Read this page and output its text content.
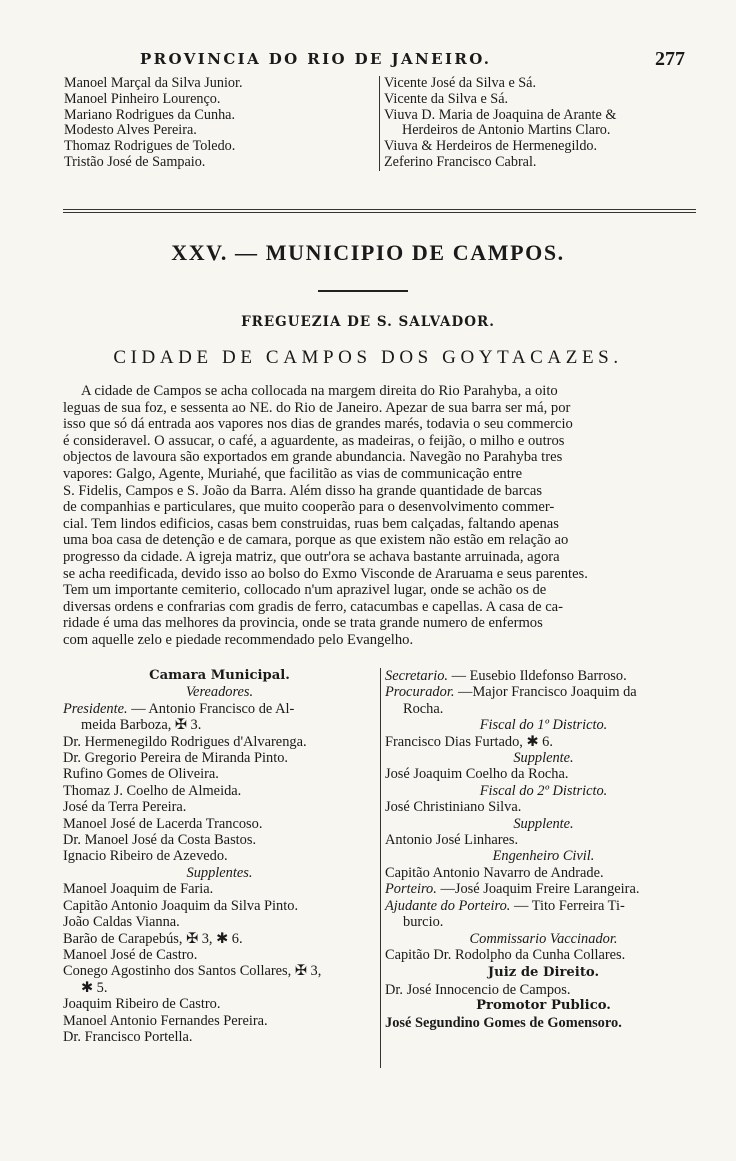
PROVINCIA DO RIO DE JANEIRO.	277
Manoel Marçal da Silva Junior.
Manoel Pinheiro Lourenço.
Mariano Rodrigues da Cunha.
Modesto Alves Pereira.
Thomaz Rodrigues de Toledo.
Tristão José de Sampaio.
Vicente José da Silva e Sá.
Vicente da Silva e Sá.
Viuva D. Maria de Joaquina de Arante &
Herdeiros de Antonio Martins Claro.
Viuva & Herdeiros de Hermenegildo.
Zeferino Francisco Cabral.
XXV. — MUNICIPIO DE CAMPOS.
FREGUEZIA DE S. SALVADOR.
CIDADE DE CAMPOS DOS GOYTACAZES.
A cidade de Campos se acha collocada na margem direita do Rio Parahyba, a oito
leguas de sua foz, e sessenta ao NE. do Rio de Janeiro. Apezar de sua barra ser má, por
isso que só dá entrada aos vapores nos dias de grandes marés, todavia o seu commercio
é consideravel. O assucar, o café, a aguardente, as madeiras, o feijão, o milho e outros
objectos de lavoura são exportados em grande abundancia. Navegão no Parahyba tres
vapores: Galgo, Agente, Muriahé, que facilitão as vias de communicação entre
S. Fidelis, Campos e S. João da Barra. Além disso ha grande quantidade de barcas
de companhias e particulares, que muito cooperão para o desenvolvimento commer-
cial. Tem lindos edificios, casas bem construidas, ruas bem calçadas, faltando apenas
uma boa casa de detenção e de camara, porque as que existem não estão em relação ao
progresso da cidade. A igreja matriz, que outr'ora se achava bastante arruinada, agora
se acha reedificada, devido isso ao bolso do Exmo Visconde de Araruama e seus parentes.
Tem um importante cemiterio, collocado n'um aprazivel lugar, onde se achão os de
diversas ordens e confrarias com gradis de ferro, catacumbas e capellas. A casa de ca-
ridade é uma das melhores da provincia, onde se trata grande numero de enfermos
com aquelle zelo e piedade recommendado pelo Evangelho.
Camara Municipal.
Vereadores.
Presidente. — Antonio Francisco de Al-
meida Barboza, ✠ 3.
Dr. Hermenegildo Rodrigues d'Alvarenga.
Dr. Gregorio Pereira de Miranda Pinto.
Rufino Gomes de Oliveira.
Thomaz J. Coelho de Almeida.
José da Terra Pereira.
Manoel José de Lacerda Trancoso.
Dr. Manoel José da Costa Bastos.
Ignacio Ribeiro de Azevedo.
Supplentes.
Manoel Joaquim de Faria.
Capitão Antonio Joaquim da Silva Pinto.
João Caldas Vianna.
Barão de Carapebús, ✠ 3, ✱ 6.
Manoel José de Castro.
Conego Agostinho dos Santos Collares, ✠ 3,
✱ 5.
Joaquim Ribeiro de Castro.
Manoel Antonio Fernandes Pereira.
Dr. Francisco Portella.
Secretario. — Eusebio Ildefonso Barroso.
Procurador. —Major Francisco Joaquim da
Rocha.
Fiscal do 1º Districto.
Francisco Dias Furtado, ✱ 6.
Supplente.
José Joaquim Coelho da Rocha.
Fiscal do 2º Districto.
José Christiniano Silva.
Supplente.
Antonio José Linhares.
Engenheiro Civil.
Capitão Antonio Navarro de Andrade.
Porteiro. —José Joaquim Freire Larangeira.
Ajudante do Porteiro. — Tito Ferreira Ti-
burcio.
Commissario Vaccinador.
Capitão Dr. Rodolpho da Cunha Collares.
Juiz de Direito.
Dr. José Innocencio de Campos.
Promotor Publico.
José Segundino Gomes de Gomensoro.
